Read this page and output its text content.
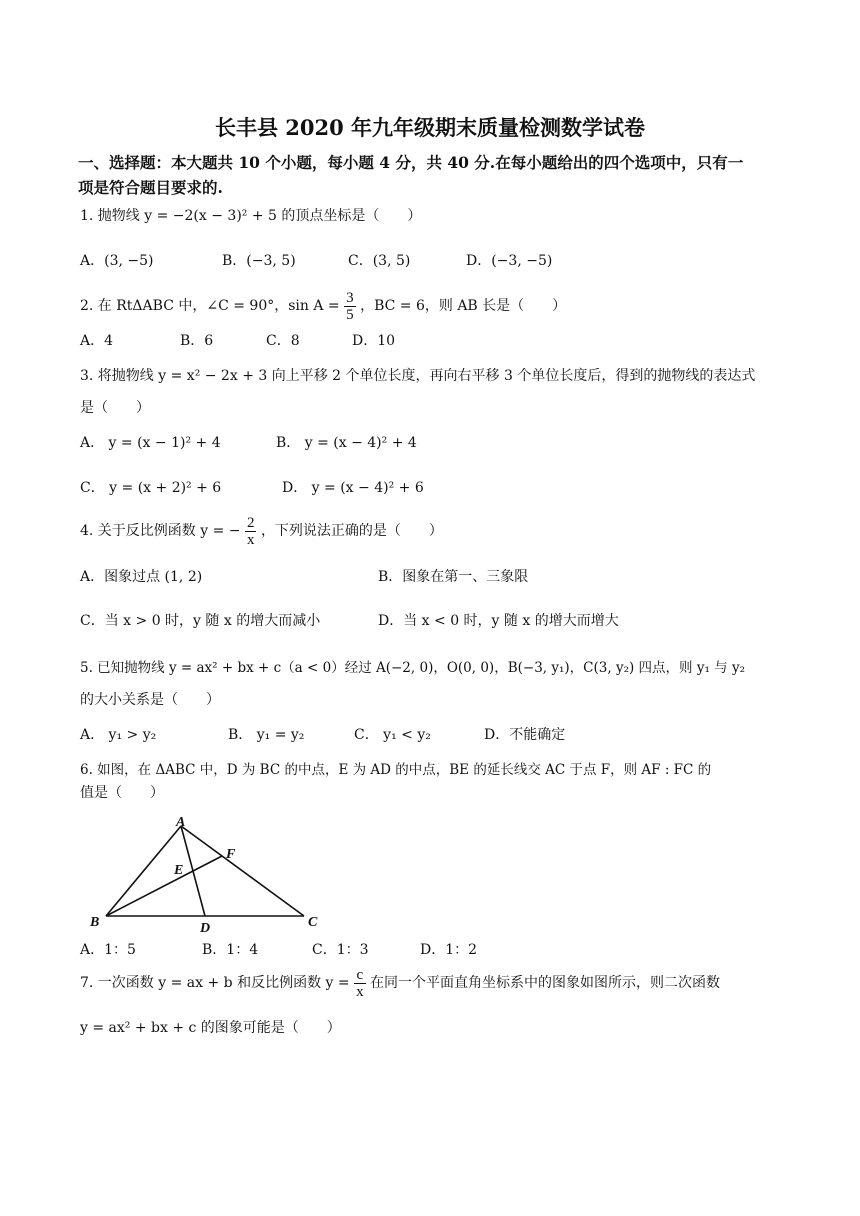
长丰县 2020 年九年级期末质量检测数学试卷
一、选择题：本大题共 10 个小题，每小题 4 分，共 40 分.在每小题给出的四个选项中，只有一
项是符合题目要求的.
1. 抛物线 y = −2(x − 3)² + 5 的顶点坐标是（　　）
A．(3, −5)	B．(−3, 5)	C．(3, 5)	D．(−3, −5)
2. 在 RtΔABC 中，∠C = 90°，$\sin A = \frac{3}{5}$ ，BC = 6，则 AB 长是（　　）
A．4	B．6	C．8	D．10
3. 将抛物线 y = x² − 2x + 3 向上平移 2 个单位长度，再向右平移 3 个单位长度后，得到的抛物线的表达式
是（　　）
A． y = (x − 1)² + 4	B． y = (x − 4)² + 4
C． y = (x + 2)² + 6	D． y = (x − 4)² + 6
4. 关于反比例函数 y = − $\frac{2}{x}$ ，下列说法正确的是（　　）
A．图象过点 (1, 2)	B．图象在第一、三象限
C．当 x > 0 时，y 随 x 的增大而减小	D．当 x < 0 时，y 随 x 的增大而增大
5. 已知抛物线 y = ax² + bx + c（a < 0）经过 A(−2, 0)，O(0, 0)，B(−3, y₁)，C(3, y₂) 四点，则 y₁ 与 y₂
的大小关系是（　　）
A． y₁ > y₂	B． y₁ = y₂	C． y₁ < y₂	D．不能确定
6. 如图，在 ΔABC 中，D 为 BC 的中点，E 为 AD 的中点，BE 的延长线交 AC 于点 F，则 AF : FC 的
值是（　　）
A
B	C
D
E
F
A．1：5	B．1：4	C．1：3	D．1：2
7. 一次函数 y = ax + b 和反比例函数 $y = \frac{c}{x}$ 在同一个平面直角坐标系中的图象如图所示，则二次函数
y = ax² + bx + c 的图象可能是（　　）
